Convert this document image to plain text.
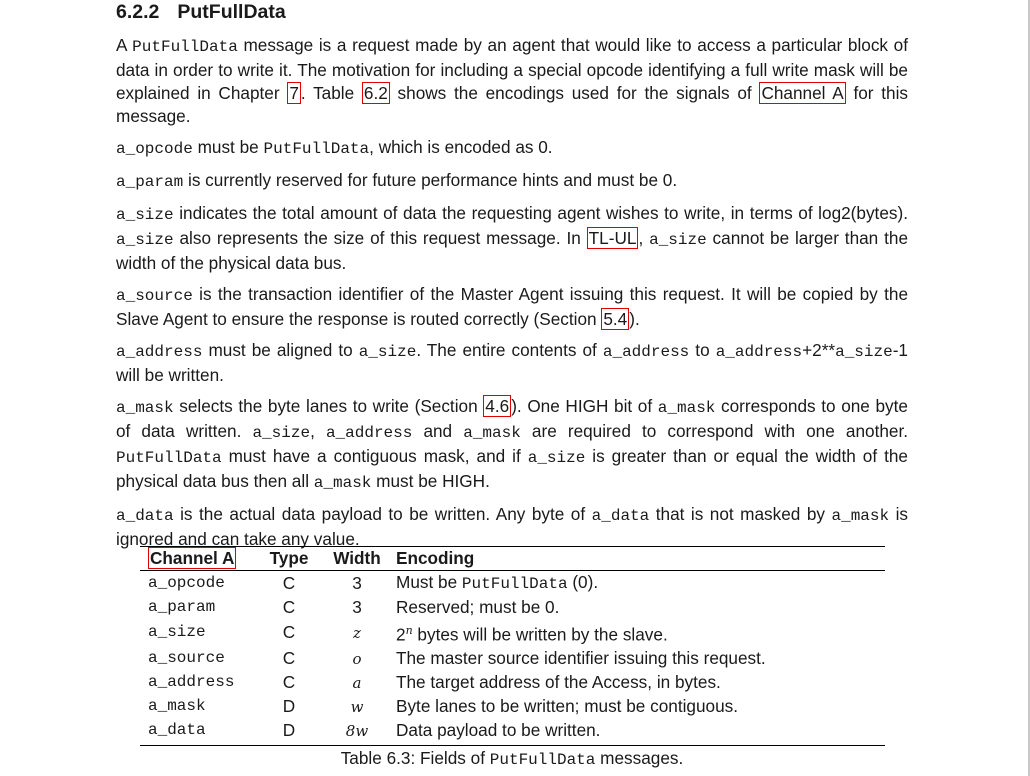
6.2.2 PutFullData

A PutFullData message is a request made by an agent that would like to access a particular block of data in order to write it. The motivation for including a special opcode identifying a full write mask will be explained in Chapter 7 . Table 6.2 shows the encodings used for the signals of Channel A for this message.

a_opcode must be PutFullData, which is encoded as 0.

a_param is currently reserved for future performance hints and must be 0.

a_size indicates the total amount of data the requesting agent wishes to write, in terms of log2(bytes). a_size also represents the size of this request message. In TL-UL , a_size cannot be larger than the width of the physical data bus.

a_source is the transaction identifier of the Master Agent issuing this request. It will be copied by the Slave Agent to ensure the response is routed correctly (Section 5.4 ).

a_address must be aligned to a_size. The entire contents of a_address to a_address+2**a_size-1 will be written.

a_mask selects the byte lanes to write (Section 4.6 ). One HIGH bit of a_mask corresponds to one byte of data written. a_size, a_address and a_mask are required to correspond with one another. PutFullData must have a contiguous mask, and if a_size is greater than or equal the width of the physical data bus then all a_mask must be HIGH.

a_data is the actual data payload to be written. Any byte of a_data that is not masked by a_mask is ignored and can take any value.

Channel A	Type	Width	Encoding
a_opcode	C	3	Must be PutFullData (0).
a_param	C	3	Reserved; must be 0.
a_size	C	z	2$^n$ bytes will be written by the slave.
a_source	C	o	The master source identifier issuing this request.
a_address	C	a	The target address of the Access, in bytes.
a_mask	D	w	Byte lanes to be written; must be contiguous.
a_data	D	8w	Data payload to be written.
Table 6.3: Fields of PutFullData messages.
